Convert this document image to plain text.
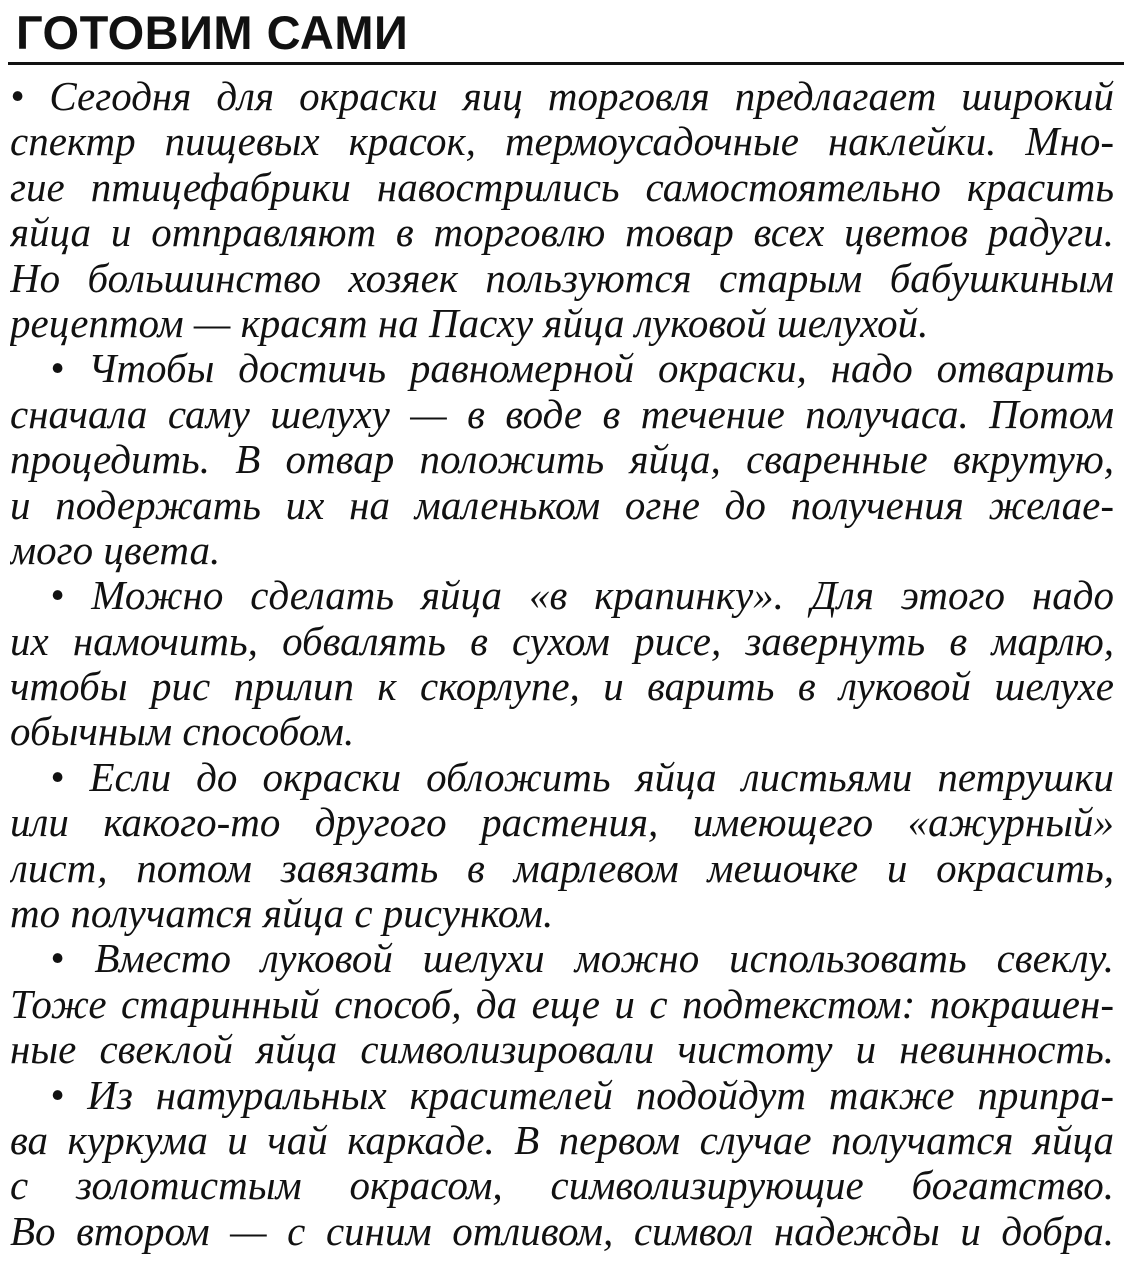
ГОТОВИМ САМИ
• Сегодня для окраски яиц торговля предлагает широкий
спектр пищевых красок, термоусадочные наклейки. Мно-
гие птицефабрики навострились самостоятельно красить
яйца и отправляют в торговлю товар всех цветов радуги.
Но большинство хозяек пользуются старым бабушкиным
рецептом — красят на Пасху яйца луковой шелухой.
• Чтобы достичь равномерной окраски, надо отварить
сначала саму шелуху — в воде в течение получаса. Потом
процедить. В отвар положить яйца, сваренные вкрутую,
и подержать их на маленьком огне до получения желае-
мого цвета.
• Можно сделать яйца «в крапинку». Для этого надо
их намочить, обвалять в сухом рисе, завернуть в марлю,
чтобы рис прилип к скорлупе, и варить в луковой шелухе
обычным способом.
• Если до окраски обложить яйца листьями петрушки
или какого-то другого растения, имеющего «ажурный»
лист, потом завязать в марлевом мешочке и окрасить,
то получатся яйца с рисунком.
• Вместо луковой шелухи можно использовать свеклу.
Тоже старинный способ, да еще и с подтекстом: покрашен-
ные свеклой яйца символизировали чистоту и невинность.
• Из натуральных красителей подойдут также припра-
ва куркума и чай каркаде. В первом случае получатся яйца
с золотистым окрасом, символизирующие богатство.
Во втором — с синим отливом, символ надежды и добра.
